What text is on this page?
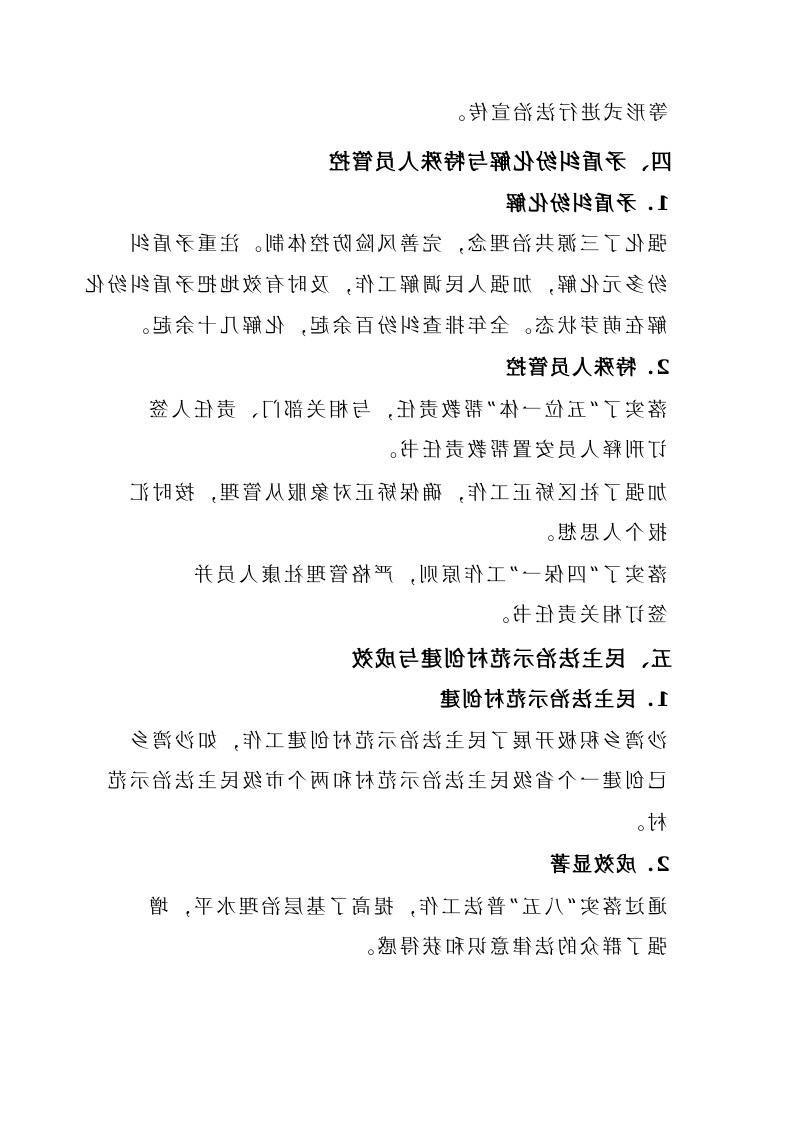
等形式进行法治宣传。

四、矛盾纠纷化解与特殊人员管控

1. 矛盾纠纷化解

强化了三源共治理念，完善风险防控体制。注重矛盾纠

纷多元化解，加强人民调解工作，及时有效地把矛盾纠纷化

解在萌芽状态。全年排查纠纷百余起，化解几十余起。

2. 特殊人员管控

落实了“五位一体”帮教责任，与相关部门、责任人签

订刑释人员安置帮教责任书。

加强了社区矫正工作，确保矫正对象服从管理，按时汇

报个人思想。

落实了“四保一”工作原则，严格管理社康人员并

签订相关责任书。

五、民主法治示范村创建与成效

1. 民主法治示范村创建

沙湾乡积极开展了民主法治示范村创建工作，如沙湾乡

已创建一个省级民主法治示范村和两个市级民主法治示范

村。

2. 成效显著

通过落实“八五”普法工作，提高了基层治理水平，增

强了群众的法律意识和获得感。
